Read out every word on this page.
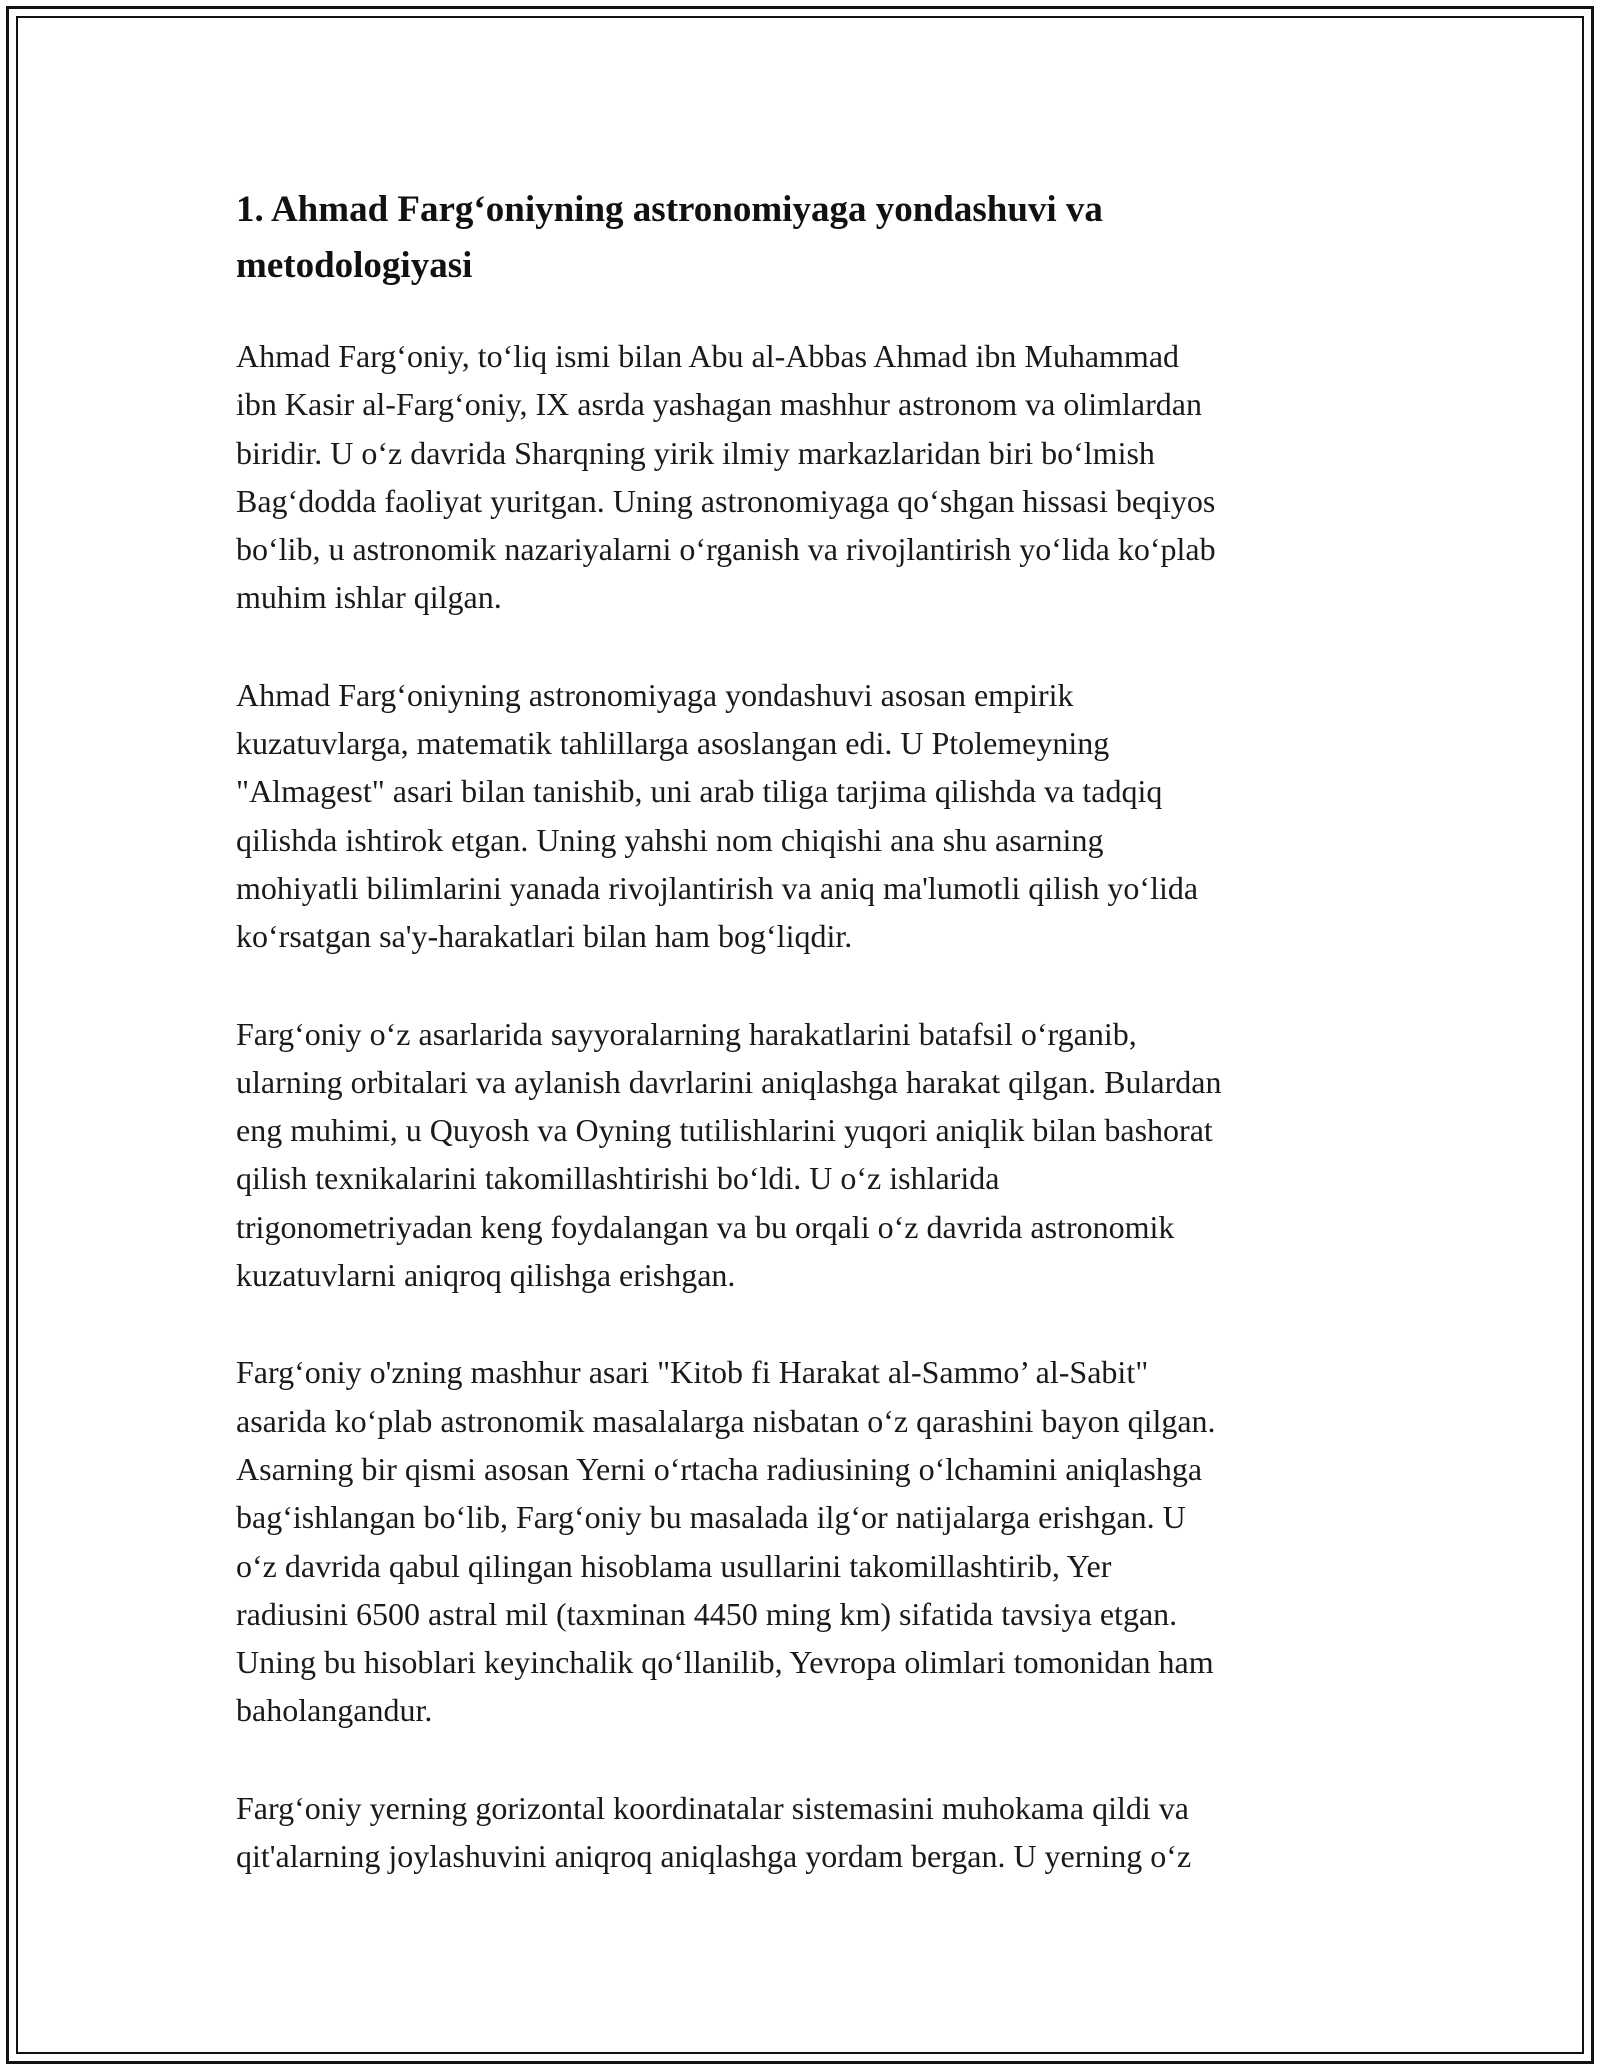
1. Ahmad Farg‘oniyning astronomiyaga yondashuvi va
metodologiyasi

Ahmad Farg‘oniy, to‘liq ismi bilan Abu al-Abbas Ahmad ibn Muhammad
ibn Kasir al-Farg‘oniy, IX asrda yashagan mashhur astronom va olimlardan
biridir. U o‘z davrida Sharqning yirik ilmiy markazlaridan biri bo‘lmish
Bag‘dodda faoliyat yuritgan. Uning astronomiyaga qo‘shgan hissasi beqiyos
bo‘lib, u astronomik nazariyalarni o‘rganish va rivojlantirish yo‘lida ko‘plab
muhim ishlar qilgan.

Ahmad Farg‘oniyning astronomiyaga yondashuvi asosan empirik
kuzatuvlarga, matematik tahlillarga asoslangan edi. U Ptolemeyning
"Almagest" asari bilan tanishib, uni arab tiliga tarjima qilishda va tadqiq
qilishda ishtirok etgan. Uning yahshi nom chiqishi ana shu asarning
mohiyatli bilimlarini yanada rivojlantirish va aniq ma'lumotli qilish yo‘lida
ko‘rsatgan sa'y-harakatlari bilan ham bog‘liqdir.

Farg‘oniy o‘z asarlarida sayyoralarning harakatlarini batafsil o‘rganib,
ularning orbitalari va aylanish davrlarini aniqlashga harakat qilgan. Bulardan
eng muhimi, u Quyosh va Oyning tutilishlarini yuqori aniqlik bilan bashorat
qilish texnikalarini takomillashtirishi bo‘ldi. U o‘z ishlarida
trigonometriyadan keng foydalangan va bu orqali o‘z davrida astronomik
kuzatuvlarni aniqroq qilishga erishgan.

Farg‘oniy o'zning mashhur asari "Kitob fi Harakat al-Sammo’ al-Sabit"
asarida ko‘plab astronomik masalalarga nisbatan o‘z qarashini bayon qilgan.
Asarning bir qismi asosan Yerni o‘rtacha radiusining o‘lchamini aniqlashga
bag‘ishlangan bo‘lib, Farg‘oniy bu masalada ilg‘or natijalarga erishgan. U
o‘z davrida qabul qilingan hisoblama usullarini takomillashtirib, Yer
radiusini 6500 astral mil (taxminan 4450 ming km) sifatida tavsiya etgan.
Uning bu hisoblari keyinchalik qo‘llanilib, Yevropa olimlari tomonidan ham
baholangandur.

Farg‘oniy yerning gorizontal koordinatalar sistemasini muhokama qildi va
qit'alarning joylashuvini aniqroq aniqlashga yordam bergan. U yerning o‘z
